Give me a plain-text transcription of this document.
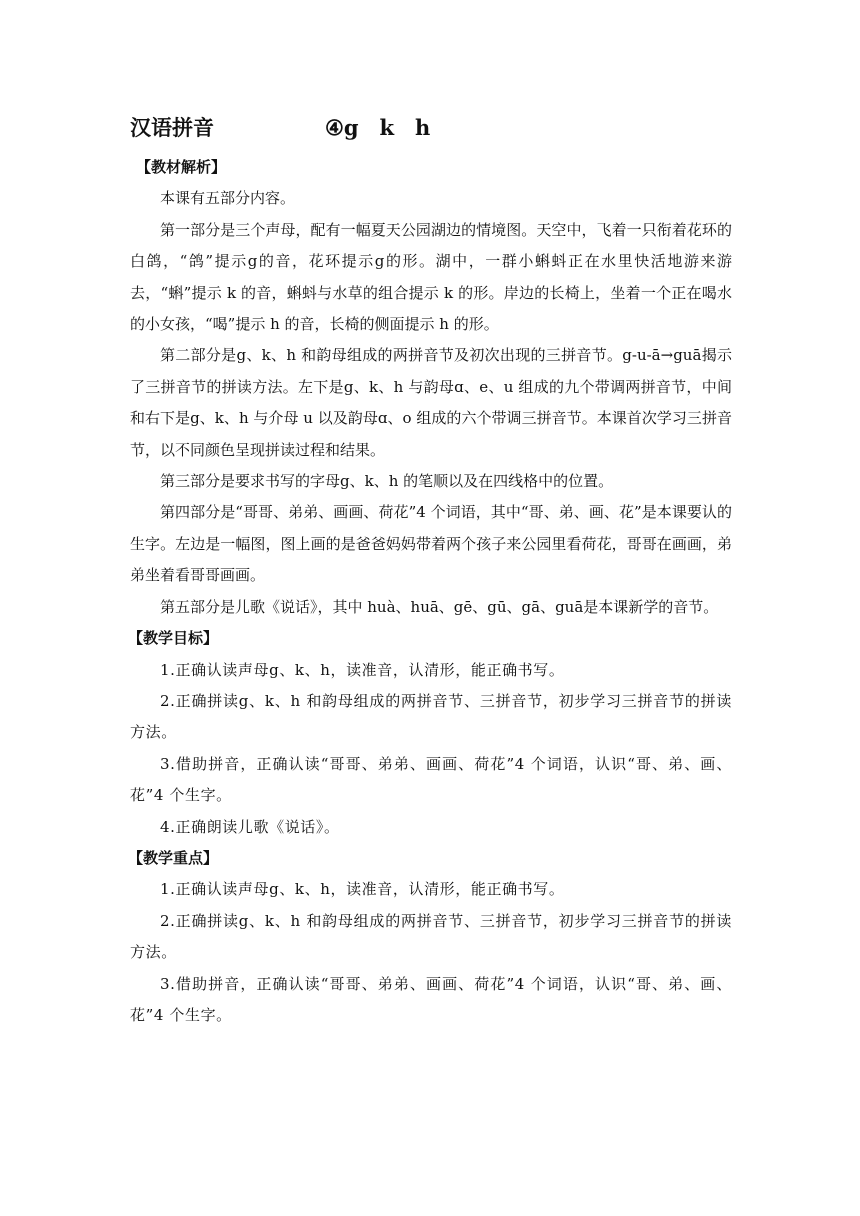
汉语拼音	④g　k　h
【教材解析】
本课有五部分内容。
第一部分是三个声母，配有一幅夏天公园湖边的情境图。天空中，飞着一只衔着花环的白鸽，“鸽”提示g的音，花环提示g的形。湖中，一群小蝌蚪正在水里快活地游来游去，“蝌”提示 k 的音，蝌蚪与水草的组合提示 k 的形。岸边的长椅上，坐着一个正在喝水的小女孩，“喝”提示 h 的音，长椅的侧面提示 h 的形。
第二部分是g、k、h 和韵母组成的两拼音节及初次出现的三拼音节。g-u-ā→guā揭示了三拼音节的拼读方法。左下是g、k、h 与韵母ɑ、e、u 组成的九个带调两拼音节，中间和右下是g、k、h 与介母 u 以及韵母ɑ、o 组成的六个带调三拼音节。本课首次学习三拼音节，以不同颜色呈现拼读过程和结果。
第三部分是要求书写的字母g、k、h 的笔顺以及在四线格中的位置。
第四部分是“哥哥、弟弟、画画、荷花”4 个词语，其中“哥、弟、画、花”是本课要认的生字。左边是一幅图，图上画的是爸爸妈妈带着两个孩子来公园里看荷花，哥哥在画画，弟弟坐着看哥哥画画。
第五部分是儿歌《说话》，其中 huà、huā、gē、gū、gā、guā是本课新学的音节。
【教学目标】
1.正确认读声母g、k、h，读准音，认清形，能正确书写。
2.正确拼读g、k、h 和韵母组成的两拼音节、三拼音节，初步学习三拼音节的拼读方法。
3.借助拼音，正确认读“哥哥、弟弟、画画、荷花”4 个词语，认识“哥、弟、画、花”4 个生字。
4.正确朗读儿歌《说话》。
【教学重点】
1.正确认读声母g、k、h，读准音，认清形，能正确书写。
2.正确拼读g、k、h 和韵母组成的两拼音节、三拼音节，初步学习三拼音节的拼读方法。
3.借助拼音，正确认读“哥哥、弟弟、画画、荷花”4 个词语，认识“哥、弟、画、花”4 个生字。
